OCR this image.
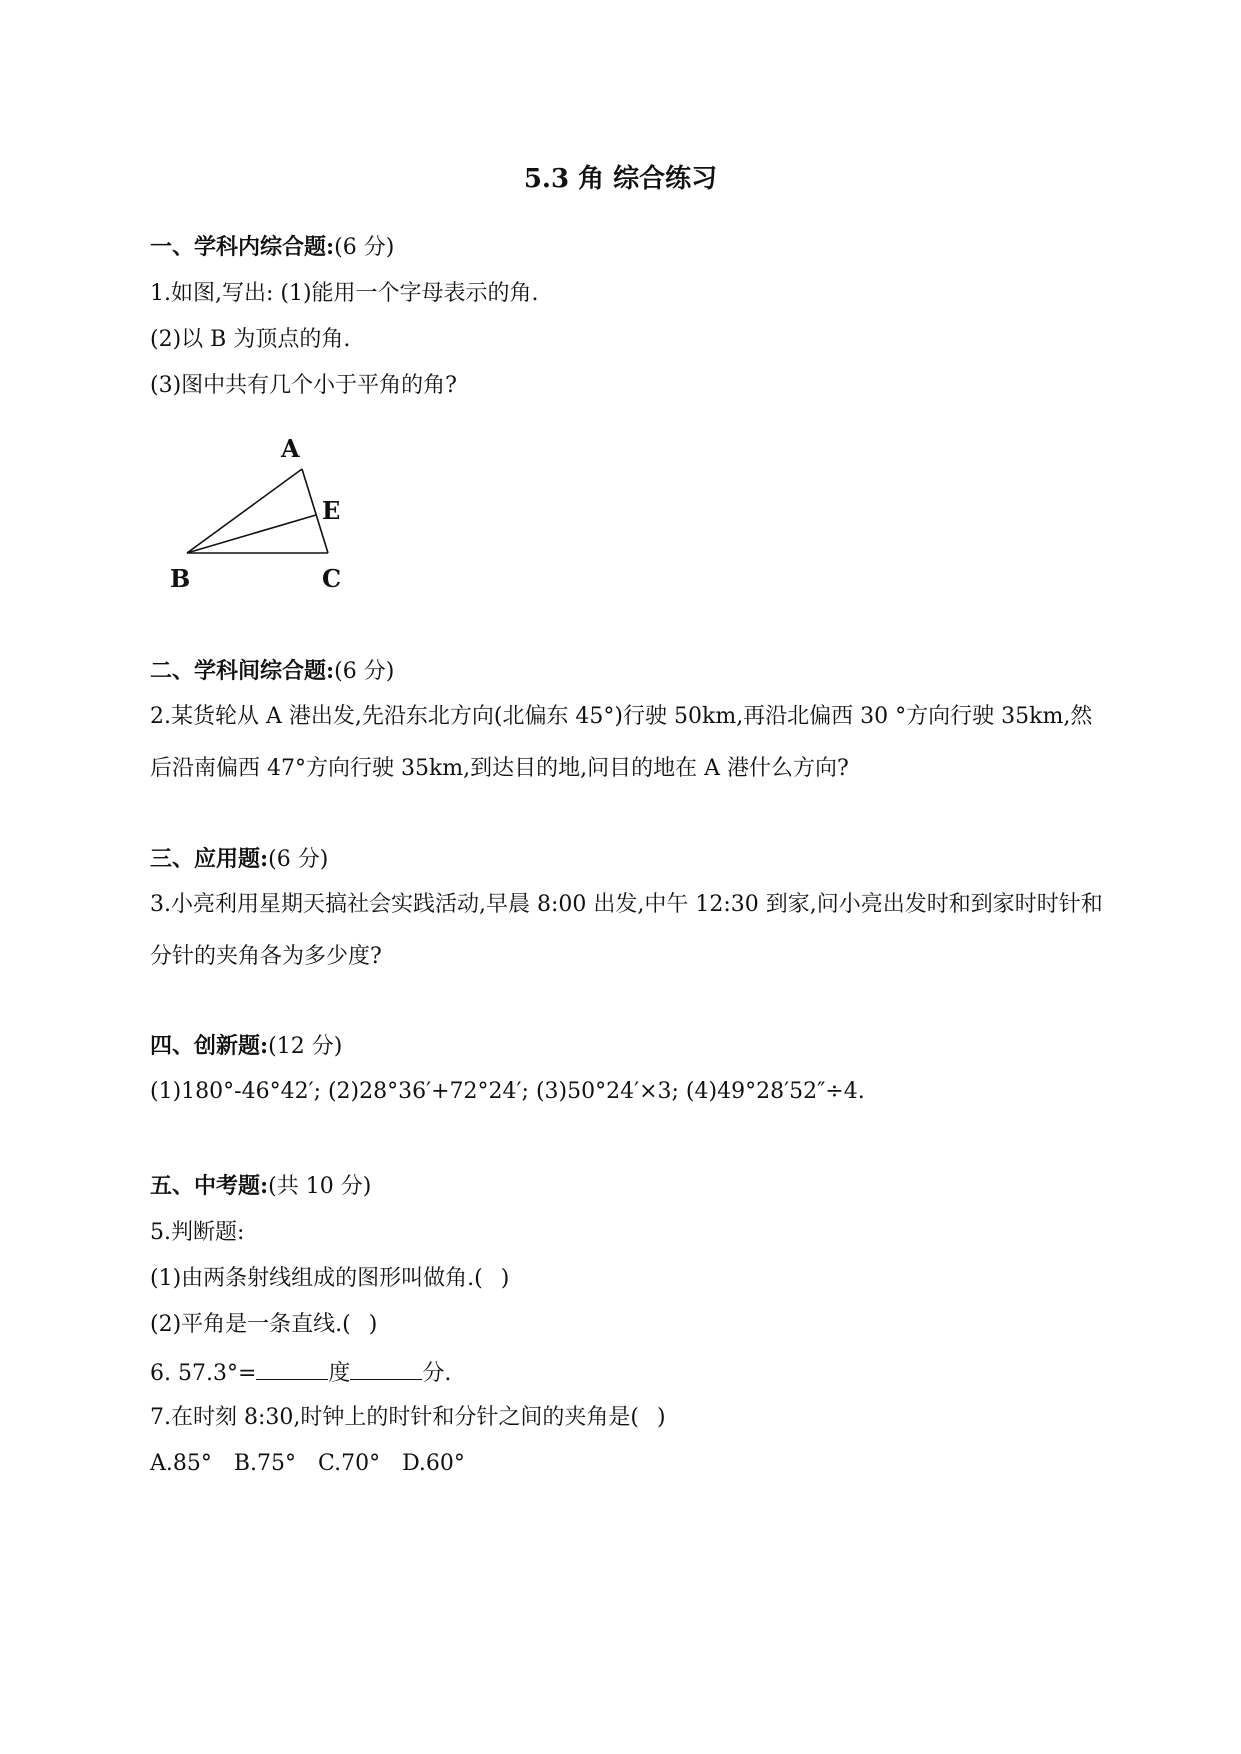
5.3 角 综合练习
一、学科内综合题:(6 分)
1.如图,写出: (1)能用一个字母表示的角.
(2)以 B 为顶点的角.
(3)图中共有几个小于平角的角?
A
B	C
E
二、学科间综合题:(6 分)
2.某货轮从 A 港出发,先沿东北方向(北偏东 45°)行驶 50km,再沿北偏西 30 °方向行驶 35km,然后沿南偏西 47°方向行驶 35km,到达目的地,问目的地在 A 港什么方向?
三、应用题:(6 分)
3.小亮利用星期天搞社会实践活动,早晨 8:00 出发,中午 12:30 到家,问小亮出发时和到家时时针和分针的夹角各为多少度?
四、创新题:(12 分)
(1)180°-46°42′; (2)28°36′+72°24′; (3)50°24′×3; (4)49°28′52″÷4.
五、中考题:(共 10 分)
5.判断题:
(1)由两条射线组成的图形叫做角.( )
(2)平角是一条直线.( )
6. 57.3°=	度	分.
7.在时刻 8:30,时钟上的时针和分针之间的夹角是( )
A.85° B.75° C.70° D.60°
